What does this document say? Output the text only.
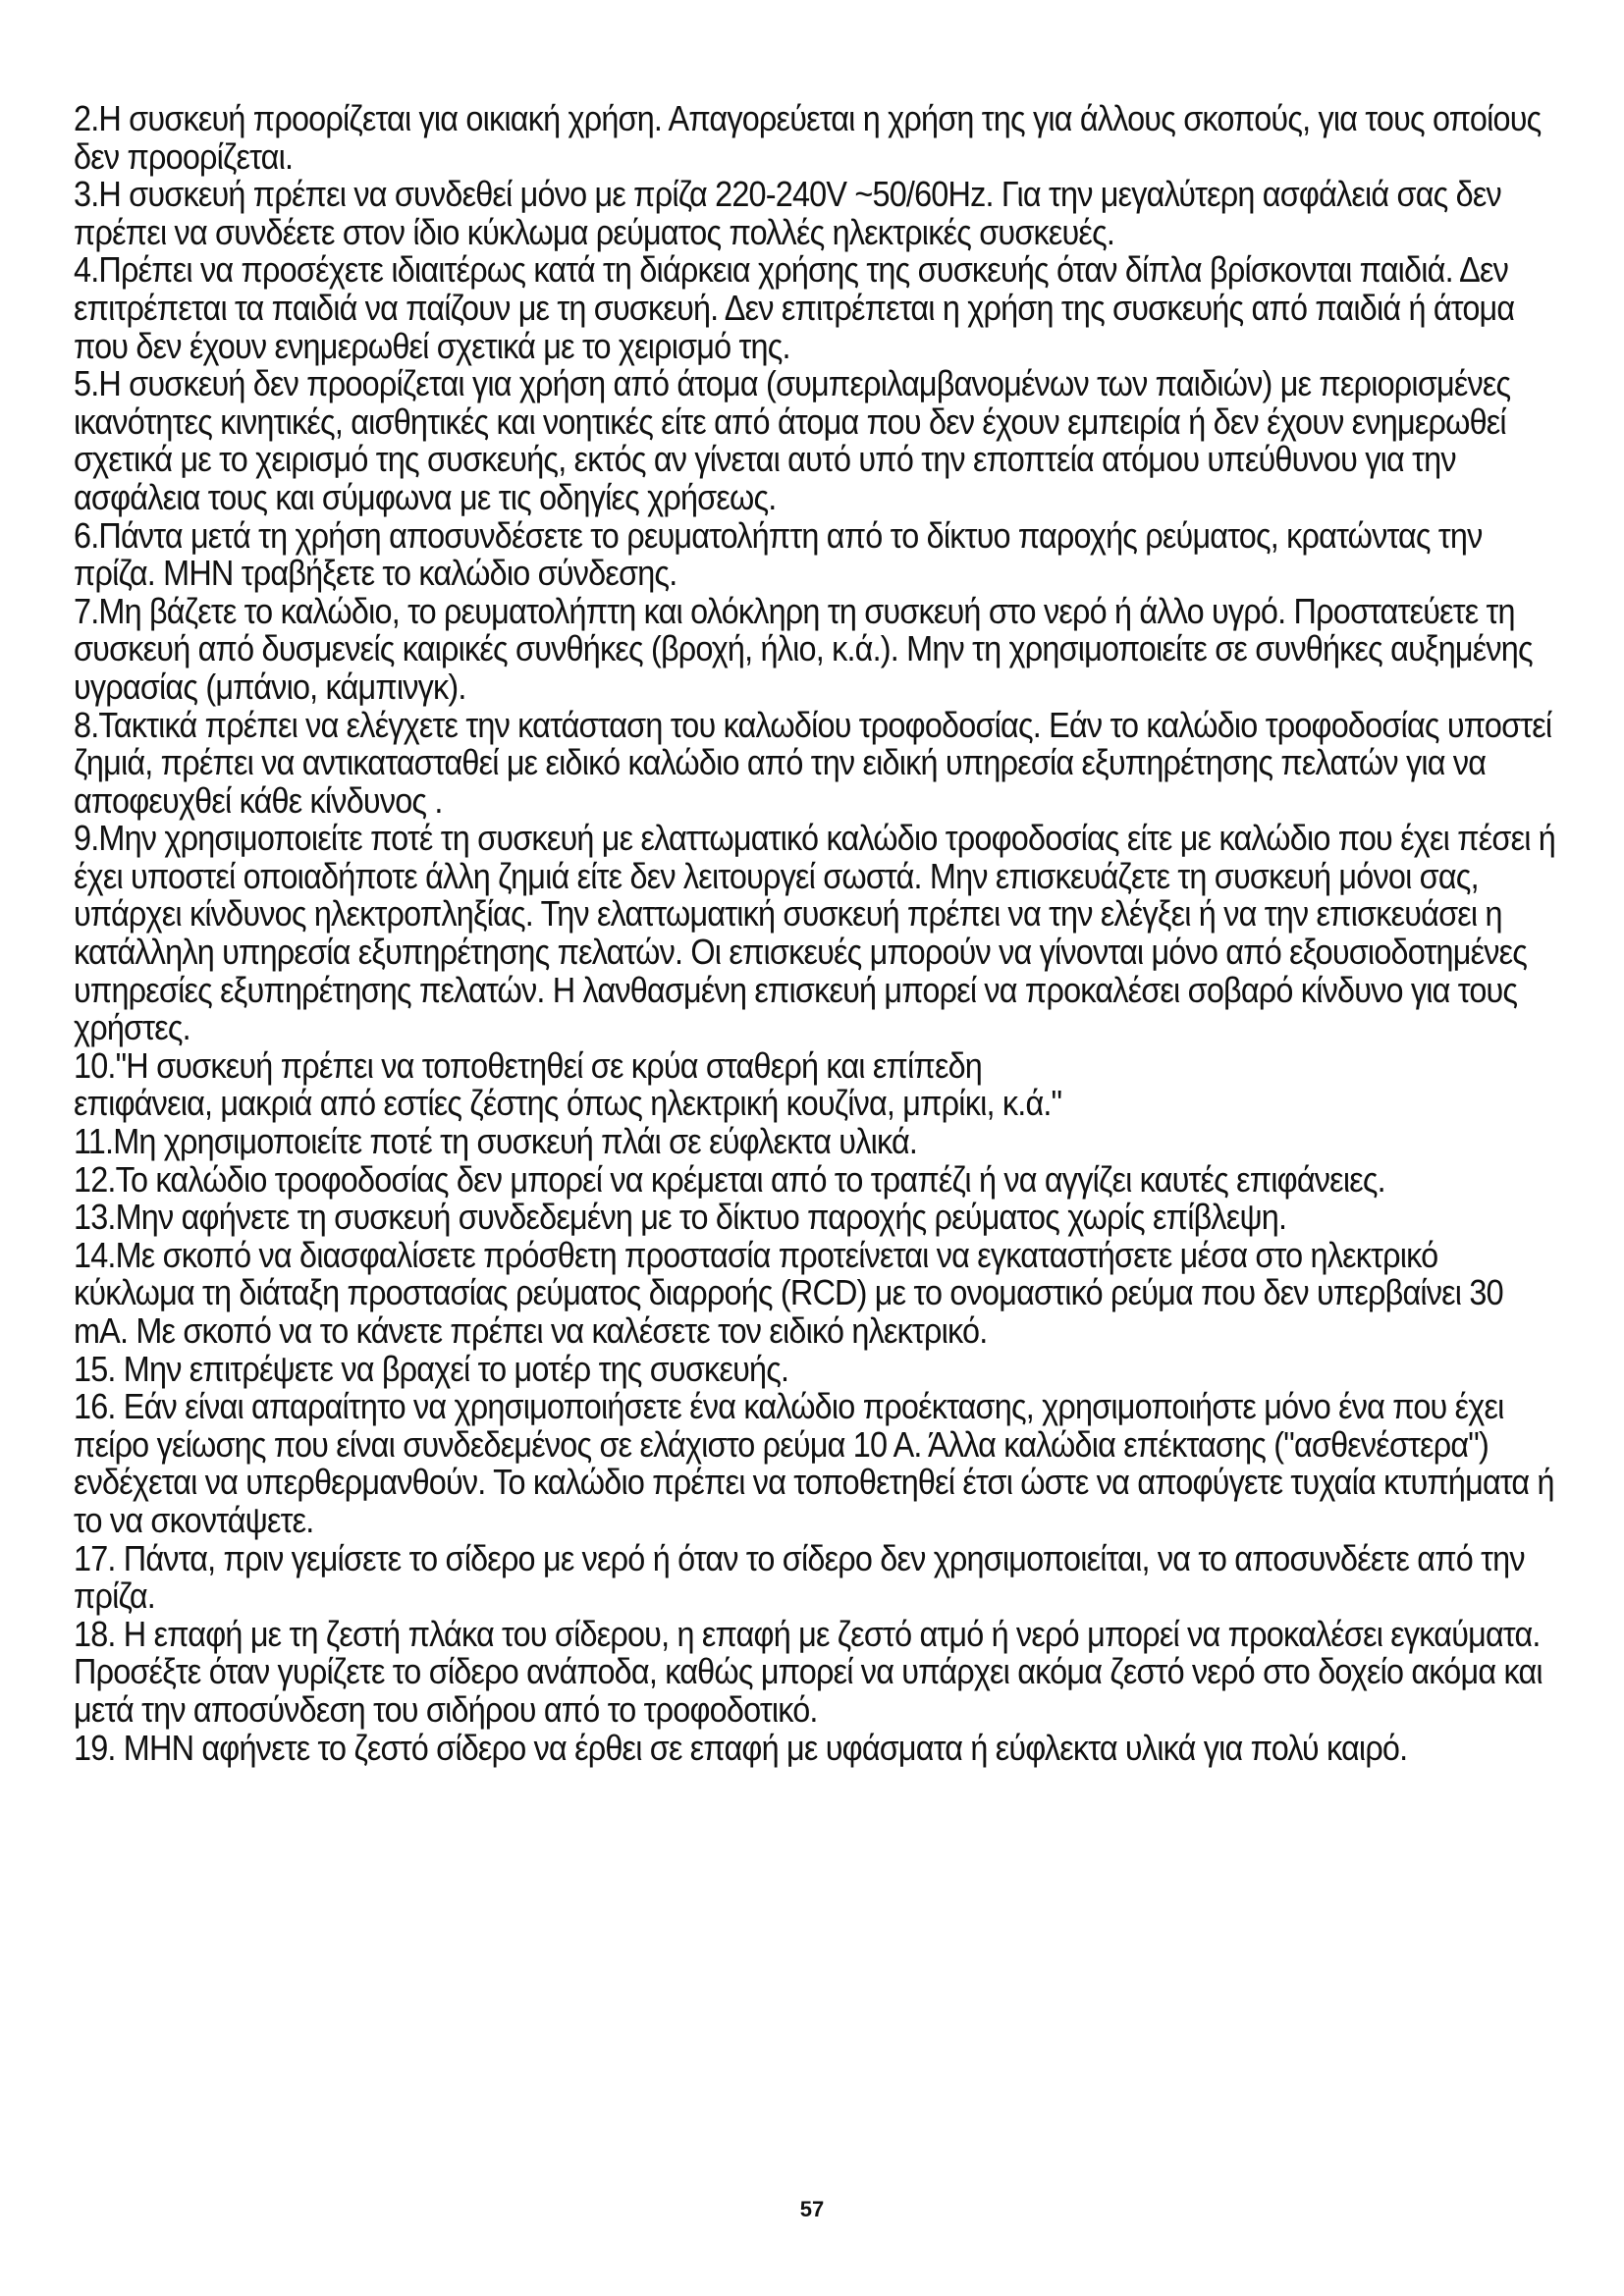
2.Η συσκευή προορίζεται για οικιακή χρήση. Απαγορεύεται η χρήση της για άλλους σκοπούς, για τους οποίους δεν προορίζεται.

3.Η συσκευή πρέπει να συνδεθεί μόνο με πρίζα 220-240V ~50/60Hz. Για την μεγαλύτερη ασφάλειά σας δεν πρέπει να συνδέετε στον ίδιο κύκλωμα ρεύματος πολλές ηλεκτρικές συσκευές.

4.Πρέπει να προσέχετε ιδιαιτέρως κατά τη διάρκεια χρήσης της συσκευής όταν δίπλα βρίσκονται παιδιά. Δεν επιτρέπεται τα παιδιά να παίζουν με τη συσκευή. Δεν επιτρέπεται η χρήση της συσκευής από παιδιά ή άτομα που δεν έχουν ενημερωθεί σχετικά με το χειρισμό της.

5.Η συσκευή δεν προορίζεται για χρήση από άτομα (συμπεριλαμβανομένων των παιδιών) με περιορισμένες ικανότητες κινητικές, αισθητικές και νοητικές είτε από άτομα που δεν έχουν εμπειρία ή δεν έχουν ενημερωθεί σχετικά με το χειρισμό της συσκευής, εκτός αν γίνεται αυτό υπό την εποπτεία ατόμου υπεύθυνου για την ασφάλεια τους και σύμφωνα με τις οδηγίες χρήσεως.

6.Πάντα μετά τη χρήση αποσυνδέσετε το ρευματολήπτη από το δίκτυο παροχής ρεύματος, κρατώντας την πρίζα. ΜΗΝ τραβήξετε το καλώδιο σύνδεσης.

7.Μη βάζετε το καλώδιο, το ρευματολήπτη και ολόκληρη τη συσκευή στο νερό ή άλλο υγρό. Προστατεύετε τη συσκευή από δυσμενείς καιρικές συνθήκες (βροχή, ήλιο, κ.ά.). Μην τη χρησιμοποιείτε σε συνθήκες αυξημένης υγρασίας (μπάνιο, κάμπινγκ).

8.Τακτικά πρέπει να ελέγχετε την κατάσταση του καλωδίου τροφοδοσίας. Εάν το καλώδιο τροφοδοσίας υποστεί ζημιά, πρέπει να αντικατασταθεί με ειδικό καλώδιο από την ειδική υπηρεσία εξυπηρέτησης πελατών για να αποφευχθεί κάθε κίνδυνος .

9.Μην χρησιμοποιείτε ποτέ τη συσκευή με ελαττωματικό καλώδιο τροφοδοσίας είτε με καλώδιο που έχει πέσει ή έχει υποστεί οποιαδήποτε άλλη ζημιά είτε δεν λειτουργεί σωστά. Μην επισκευάζετε τη συσκευή μόνοι σας, υπάρχει κίνδυνος ηλεκτροπληξίας. Την ελαττωματική συσκευή πρέπει να την ελέγξει ή να την επισκευάσει η κατάλληλη υπηρεσία εξυπηρέτησης πελατών. Οι επισκευές μπορούν να γίνονται μόνο από εξουσιοδοτημένες υπηρεσίες εξυπηρέτησης πελατών. Η λανθασμένη επισκευή μπορεί να προκαλέσει σοβαρό κίνδυνο για τους χρήστες.

10."Η συσκευή πρέπει να τοποθετηθεί σε κρύα σταθερή και επίπεδη

επιφάνεια, μακριά από εστίες ζέστης όπως ηλεκτρική κουζίνα, μπρίκι, κ.ά."

11.Μη χρησιμοποιείτε ποτέ τη συσκευή πλάι σε εύφλεκτα υλικά.

12.Το καλώδιο τροφοδοσίας δεν μπορεί να κρέμεται από το τραπέζι ή να αγγίζει καυτές επιφάνειες.

13.Μην αφήνετε τη συσκευή συνδεδεμένη με το δίκτυο παροχής ρεύματος χωρίς επίβλεψη.

14.Με σκοπό να διασφαλίσετε πρόσθετη προστασία προτείνεται να εγκαταστήσετε μέσα στο ηλεκτρικό κύκλωμα τη διάταξη προστασίας ρεύματος διαρροής (RCD) με το ονομαστικό ρεύμα που δεν υπερβαίνει 30 mA. Με σκοπό να το κάνετε πρέπει να καλέσετε τον ειδικό ηλεκτρικό.

15. Μην επιτρέψετε να βραχεί το μοτέρ της συσκευής.

16. Εάν είναι απαραίτητο να χρησιμοποιήσετε ένα καλώδιο προέκτασης, χρησιμοποιήστε μόνο ένα που έχει πείρο γείωσης που είναι συνδεδεμένος σε ελάχιστο ρεύμα 10 Α. Άλλα καλώδια επέκτασης ("ασθενέστερα") ενδέχεται να υπερθερμανθούν. Το καλώδιο πρέπει να τοποθετηθεί έτσι ώστε να αποφύγετε τυχαία κτυπήματα ή το να σκοντάψετε.

17. Πάντα, πριν γεμίσετε το σίδερο με νερό ή όταν το σίδερο δεν χρησιμοποιείται, να το αποσυνδέετε από την πρίζα.

18. Η επαφή με τη ζεστή πλάκα του σίδερου, η επαφή με ζεστό ατμό ή νερό μπορεί να προκαλέσει εγκαύματα. Προσέξτε όταν γυρίζετε το σίδερο ανάποδα, καθώς μπορεί να υπάρχει ακόμα ζεστό νερό στο δοχείο ακόμα και μετά την αποσύνδεση του σιδήρου από το τροφοδοτικό.

19. ΜΗΝ αφήνετε το ζεστό σίδερο να έρθει σε επαφή με υφάσματα ή εύφλεκτα υλικά για πολύ καιρό.

57
